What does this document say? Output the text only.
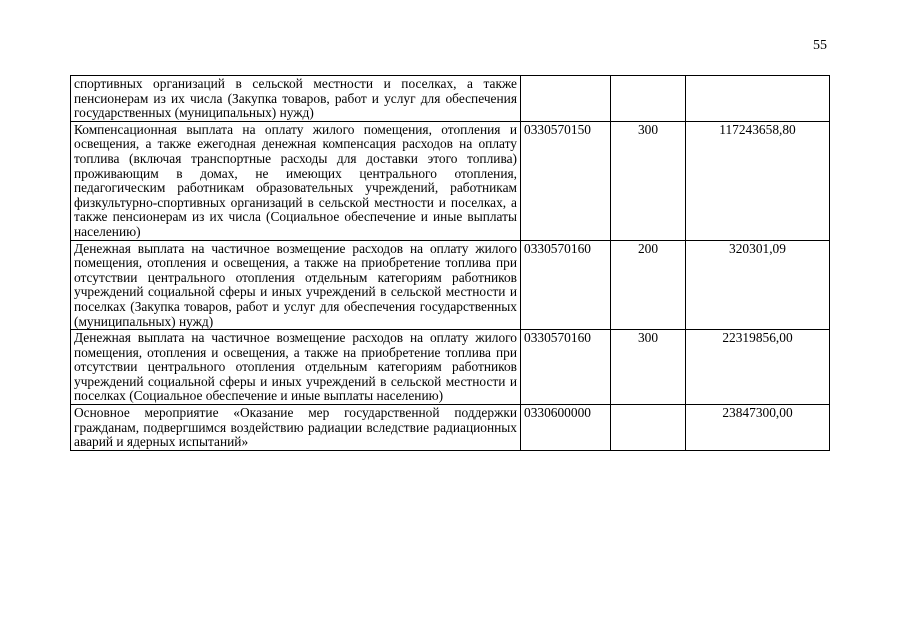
55
спортивных организаций в сельской местности и поселках, а также пенсионерам из их числа (Закупка товаров, работ и услуг для обеспечения государственных (муниципальных) нужд)			
Компенсационная выплата на оплату жилого помещения, отопления и освещения, а также ежегодная денежная компенсация расходов на оплату топлива (включая транспортные расходы для доставки этого топлива) проживающим в домах, не имеющих центрального отопления, педагогическим работникам образовательных учреждений, работникам физкультурно-спортивных организаций в сельской местности и поселках, а также пенсионерам из их числа (Социальное обеспечение и иные выплаты населению)	0330570150	300	117243658,80
Денежная выплата на частичное возмещение расходов на оплату жилого помещения, отопления и освещения, а также на приобретение топлива при отсутствии центрального отопления отдельным категориям работников учреждений социальной сферы и иных учреждений в сельской местности и поселках (Закупка товаров, работ и услуг для обеспечения государственных (муниципальных) нужд)	0330570160	200	320301,09
Денежная выплата на частичное возмещение расходов на оплату жилого помещения, отопления и освещения, а также на приобретение топлива при отсутствии центрального отопления отдельным категориям работников учреждений социальной сферы и иных учреждений в сельской местности и поселках (Социальное обеспечение и иные выплаты населению)	0330570160	300	22319856,00
Основное мероприятие «Оказание мер государственной поддержки гражданам, подвергшимся воздействию радиации вследствие радиационных аварий и ядерных испытаний»	0330600000		23847300,00
